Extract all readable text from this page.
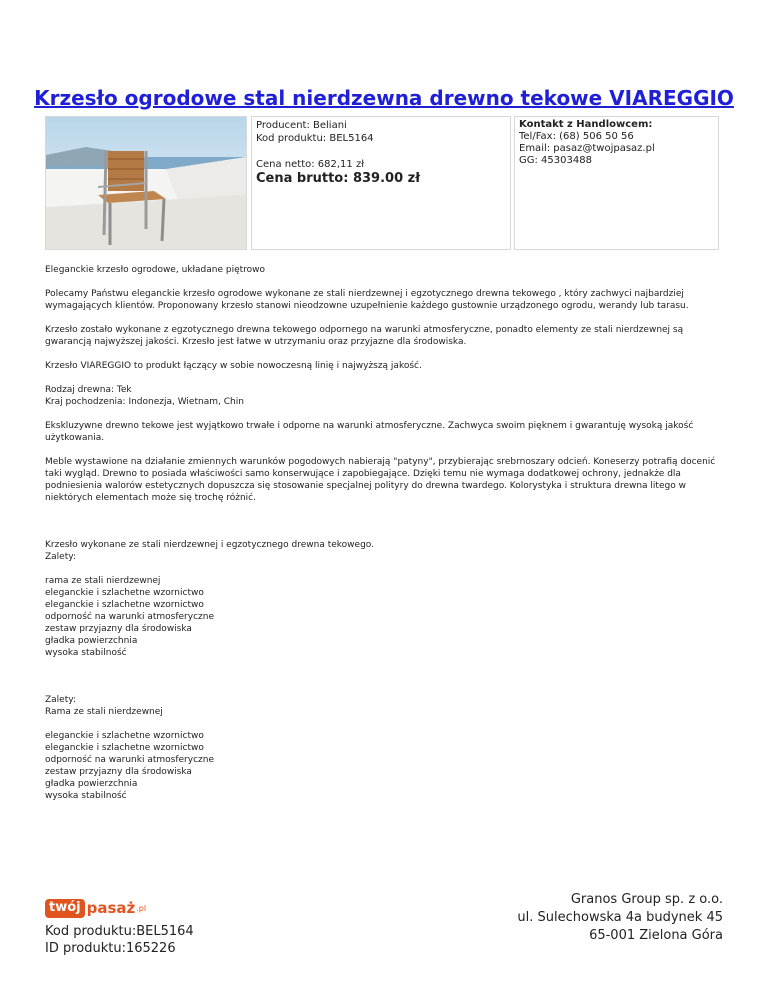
Krzesło ogrodowe stal nierdzewna drewno tekowe VIAREGGIO
Producent: Beliani
Kod produktu: BEL5164
Cena netto: 682,11 zł
Cena brutto: 839.00 zł
Kontakt z Handlowcem:
Tel/Fax: (68) 506 50 56
Email: pasaz@twojpasaz.pl
GG: 45303488

Eleganckie krzesło ogrodowe, układane piętrowo

Polecamy Państwu eleganckie krzesło ogrodowe wykonane ze stali nierdzewnej i egzotycznego drewna tekowego , który zachwyci najbardziej wymagających klientów. Proponowany krzesło stanowi nieodzowne uzupełnienie każdego gustownie urządzonego ogrodu, werandy lub tarasu.

Krzesło zostało wykonane z egzotycznego drewna tekowego odpornego na warunki atmosferyczne, ponadto elementy ze stali nierdzewnej są gwarancją najwyższej jakości. Krzesło jest łatwe w utrzymaniu oraz przyjazne dla środowiska.

Krzesło VIAREGGIO to produkt łączący w sobie nowoczesną linię i najwyższą jakość.

Rodzaj drewna: Tek
Kraj pochodzenia: Indonezja, Wietnam, Chin

Ekskluzywne drewno tekowe jest wyjątkowo trwałe i odporne na warunki atmosferyczne. Zachwyca swoim pięknem i gwarantuję wysoką jakość użytkowania.

Meble wystawione na działanie zmiennych warunków pogodowych nabierają "patyny", przybierając srebrnoszary odcień. Koneserzy potrafią docenić taki wygląd. Drewno to posiada właściwości samo konserwujące i zapobiegające. Dzięki temu nie wymaga dodatkowej ochrony, jednakże dla podniesienia walorów estetycznych dopuszcza się stosowanie specjalnej polityry do drewna twardego. Kolorystyka i struktura drewna litego w niektórych elementach może się trochę różnić.

Krzesło wykonane ze stali nierdzewnej i egzotycznego drewna tekowego.
Zalety:

rama ze stali nierdzewnej
eleganckie i szlachetne wzornictwo
eleganckie i szlachetne wzornictwo
odporność na warunki atmosferyczne
zestaw przyjazny dla środowiska
gładka powierzchnia
wysoka stabilność

Zalety:
Rama ze stali nierdzewnej

eleganckie i szlachetne wzornictwo
eleganckie i szlachetne wzornictwo
odporność na warunki atmosferyczne
zestaw przyjazny dla środowiska
gładka powierzchnia
wysoka stabilność

twój pasaż .pl
Kod produktu:BEL5164
ID produktu:165226
Granos Group sp. z o.o.
ul. Sulechowska 4a budynek 45
65-001 Zielona Góra
